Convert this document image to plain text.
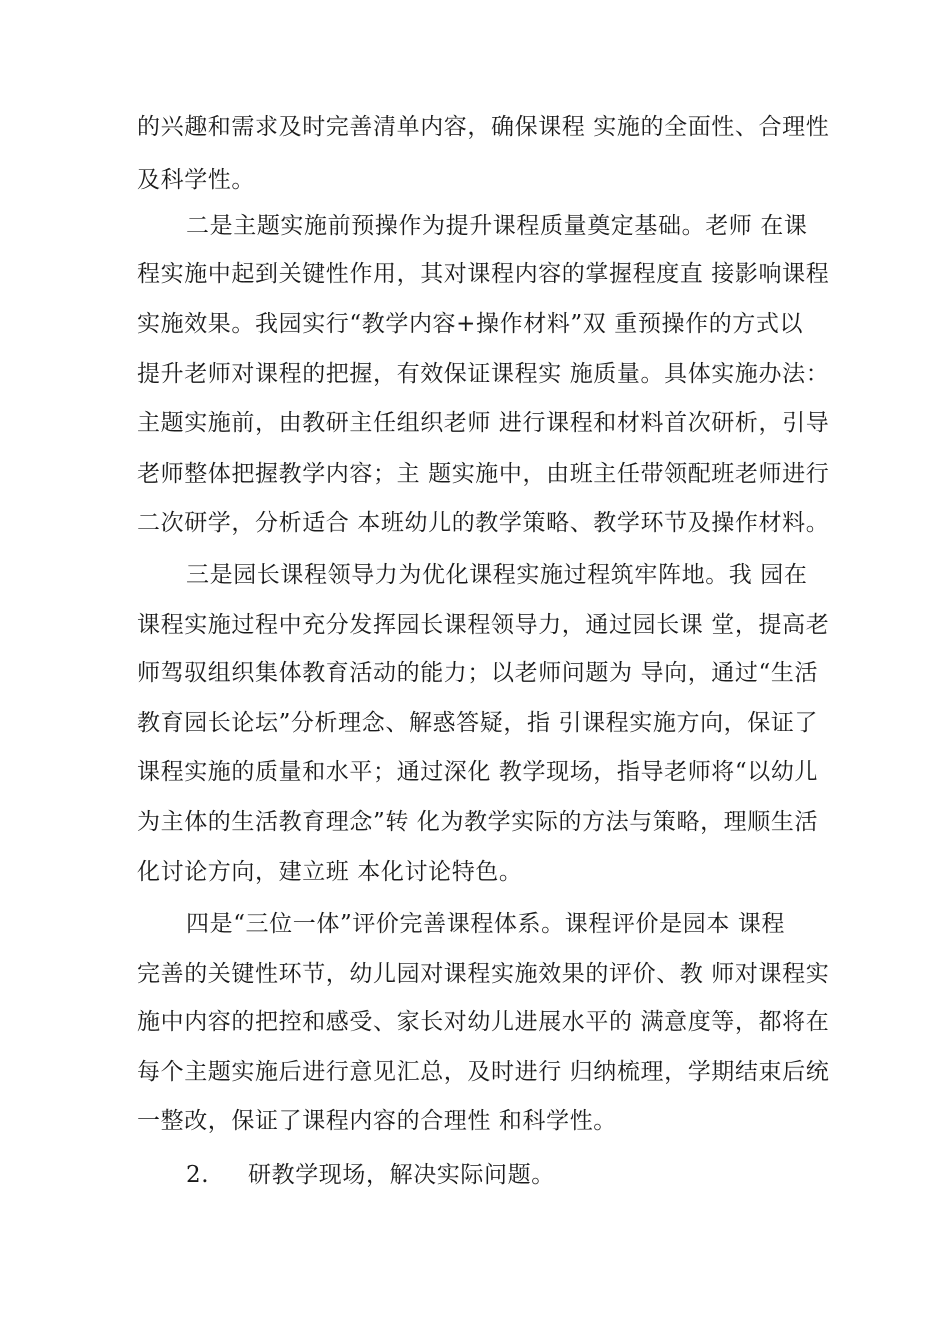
的兴趣和需求及时完善清单内容，确保课程 实施的全面性、合理性

及科学性。

二是主题实施前预操作为提升课程质量奠定基础。老师 在课

程实施中起到关键性作用，其对课程内容的掌握程度直 接影响课程

实施效果。我园实行“教学内容+操作材料”双 重预操作的方式以

提升老师对课程的把握，有效保证课程实 施质量。具体实施办法：

主题实施前，由教研主任组织老师 进行课程和材料首次研析，引导

老师整体把握教学内容；主 题实施中，由班主任带领配班老师进行

二次研学，分析适合 本班幼儿的教学策略、教学环节及操作材料。

三是园长课程领导力为优化课程实施过程筑牢阵地。我 园在

课程实施过程中充分发挥园长课程领导力，通过园长课 堂，提高老

师驾驭组织集体教育活动的能力；以老师问题为 导向，通过“生活

教育园长论坛”分析理念、解惑答疑，指 引课程实施方向，保证了

课程实施的质量和水平；通过深化 教学现场，指导老师将“以幼儿

为主体的生活教育理念”转 化为教学实际的方法与策略，理顺生活

化讨论方向，建立班 本化讨论特色。

四是“三位一体”评价完善课程体系。课程评价是园本 课程

完善的关键性环节，幼儿园对课程实施效果的评价、教 师对课程实

施中内容的把控和感受、家长对幼儿进展水平的 满意度等，都将在

每个主题实施后进行意见汇总，及时进行 归纳梳理，学期结束后统

一整改，保证了课程内容的合理性 和科学性。

2. 研教学现场，解决实际问题。
